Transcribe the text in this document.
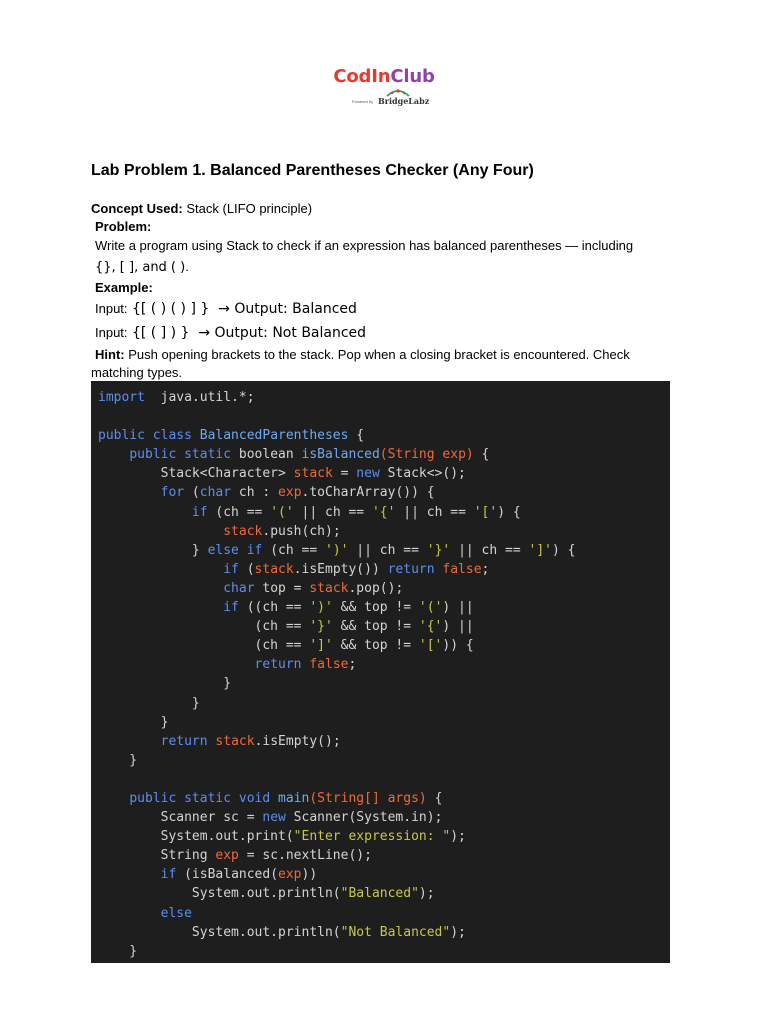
CodInClub
Powered by BridgeLabz
Lab Problem 1. Balanced Parentheses Checker (Any Four)

Concept Used: Stack (LIFO principle)

Problem:

Write a program using Stack to check if an expression has balanced parentheses — including

{}, [ ], and ( ).

Example:

Input: {[ ( ) ( ) ] } → Output: Balanced

Input: {[ ( ] ) } → Output: Not Balanced

Hint: Push opening brackets to the stack. Pop when a closing bracket is encountered. Check

matching types.

import  java.util.*;

public class BalancedParentheses {
public static boolean isBalanced(String exp) {
Stack<Character> stack = new Stack<>();
for (char ch : exp.toCharArray()) {
if (ch == '(' || ch == '{' || ch == '[') {
stack.push(ch);
} else if (ch == ')' || ch == '}' || ch == ']') {
if (stack.isEmpty()) return false;
char top = stack.pop();
if ((ch == ')' && top != '(') ||
(ch == '}' && top != '{') ||
(ch == ']' && top != '[')) {
return false;
}
}
}
return stack.isEmpty();
}

public static void main(String[] args) {
Scanner sc = new Scanner(System.in);
System.out.print("Enter expression: ");
String exp = sc.nextLine();
if (isBalanced(exp))
System.out.println("Balanced");
else
System.out.println("Not Balanced");
}
